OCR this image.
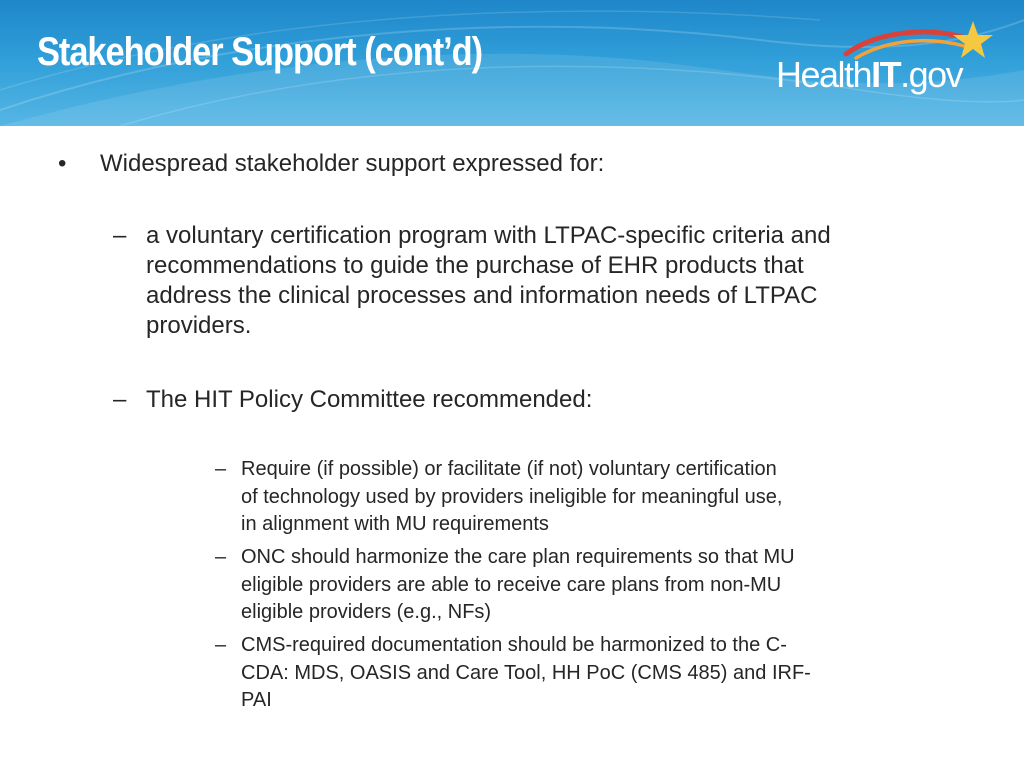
Stakeholder Support (cont’d)
HealthIT.gov
• Widespread stakeholder support expressed for:
– a voluntary certification program with LTPAC-specific criteria and
recommendations to guide the purchase of EHR products that
address the clinical processes and information needs of LTPAC
providers.
– The HIT Policy Committee recommended:
– Require (if possible) or facilitate (if not) voluntary certification
of technology used by providers ineligible for meaningful use,
in alignment with MU requirements
– ONC should harmonize the care plan requirements so that MU
eligible providers are able to receive care plans from non-MU
eligible providers (e.g., NFs)
– CMS-required documentation should be harmonized to the C-
CDA: MDS, OASIS and Care Tool, HH PoC (CMS 485) and IRF-
PAI
